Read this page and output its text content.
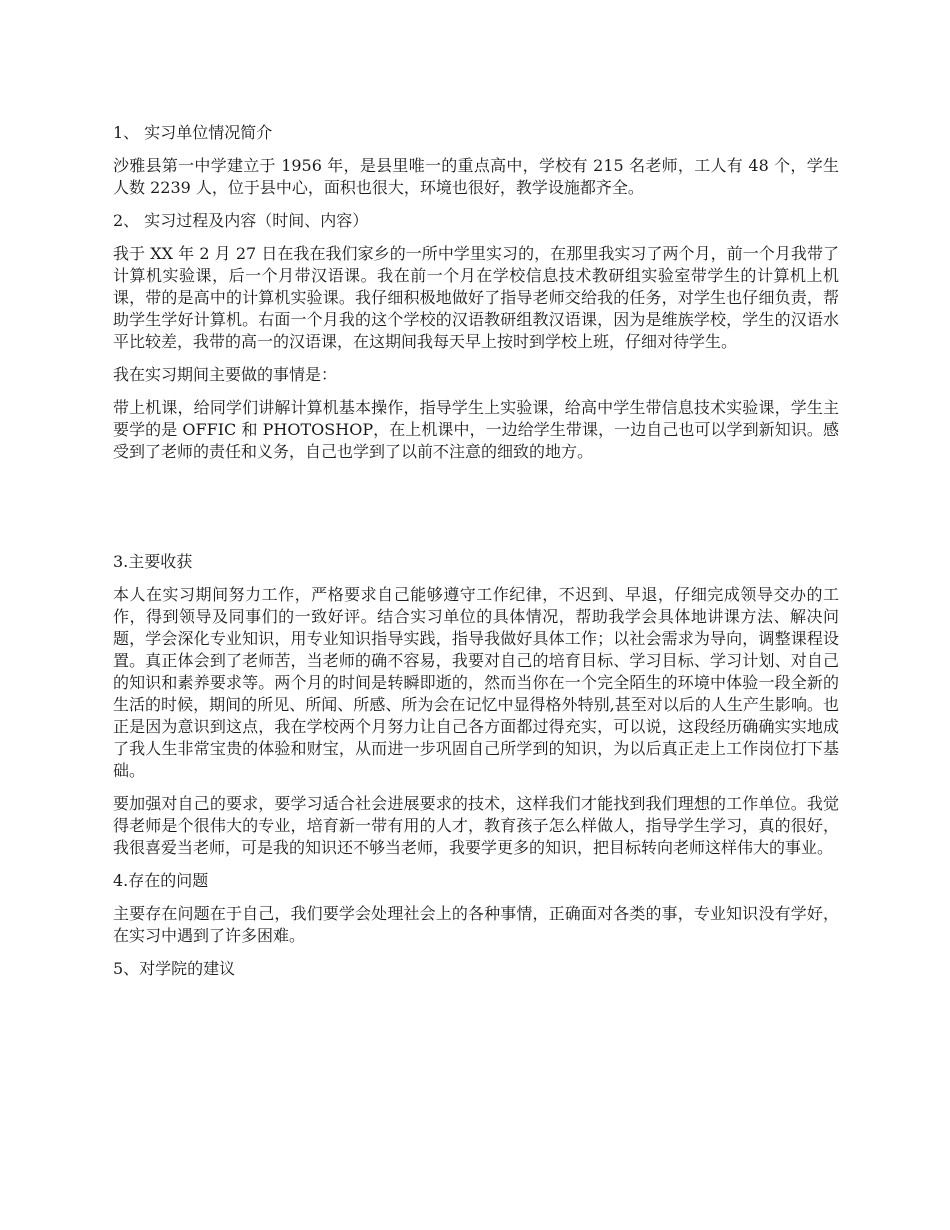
1、 实习单位情况简介

沙雅县第一中学建立于 1956 年，是县里唯一的重点高中，学校有 215 名老师，工人有 48 个，学生人数 2239 人，位于县中心，面积也很大，环境也很好，教学设施都齐全。

2、 实习过程及内容（时间、内容）

我于 XX 年 2 月 27 日在我在我们家乡的一所中学里实习的，在那里我实习了两个月，前一个月我带了计算机实验课，后一个月带汉语课。我在前一个月在学校信息技术教研组实验室带学生的计算机上机课，带的是高中的计算机实验课。我仔细积极地做好了指导老师交给我的任务，对学生也仔细负责，帮助学生学好计算机。右面一个月我的这个学校的汉语教研组教汉语课，因为是维族学校，学生的汉语水平比较差，我带的高一的汉语课，在这期间我每天早上按时到学校上班，仔细对待学生。

我在实习期间主要做的事情是：

带上机课，给同学们讲解计算机基本操作，指导学生上实验课，给高中学生带信息技术实验课，学生主要学的是 OFFIC 和 PHOTOSHOP，在上机课中，一边给学生带课，一边自己也可以学到新知识。感受到了老师的责任和义务，自己也学到了以前不注意的细致的地方。

3.主要收获

本人在实习期间努力工作，严格要求自己能够遵守工作纪律，不迟到、早退，仔细完成领导交办的工作，得到领导及同事们的一致好评。结合实习单位的具体情况，帮助我学会具体地讲课方法、解决问题，学会深化专业知识，用专业知识指导实践，指导我做好具体工作；以社会需求为导向，调整课程设置。真正体会到了老师苦，当老师的确不容易，我要对自己的培育目标、学习目标、学习计划、对自己的知识和素养要求等。两个月的时间是转瞬即逝的，然而当你在一个完全陌生的环境中体验一段全新的生活的时候，期间的所见、所闻、所感、所为会在记忆中显得格外特别,甚至对以后的人生产生影响。也正是因为意识到这点，我在学校两个月努力让自己各方面都过得充实，可以说，这段经历确确实实地成了我人生非常宝贵的体验和财宝，从而进一步巩固自己所学到的知识，为以后真正走上工作岗位打下基础。

要加强对自己的要求，要学习适合社会进展要求的技术，这样我们才能找到我们理想的工作单位。我觉得老师是个很伟大的专业，培育新一带有用的人才，教育孩子怎么样做人，指导学生学习，真的很好，我很喜爱当老师，可是我的知识还不够当老师，我要学更多的知识，把目标转向老师这样伟大的事业。

4.存在的问题

主要存在问题在于自己，我们要学会处理社会上的各种事情，正确面对各类的事，专业知识没有学好，在实习中遇到了许多困难。

5、对学院的建议
